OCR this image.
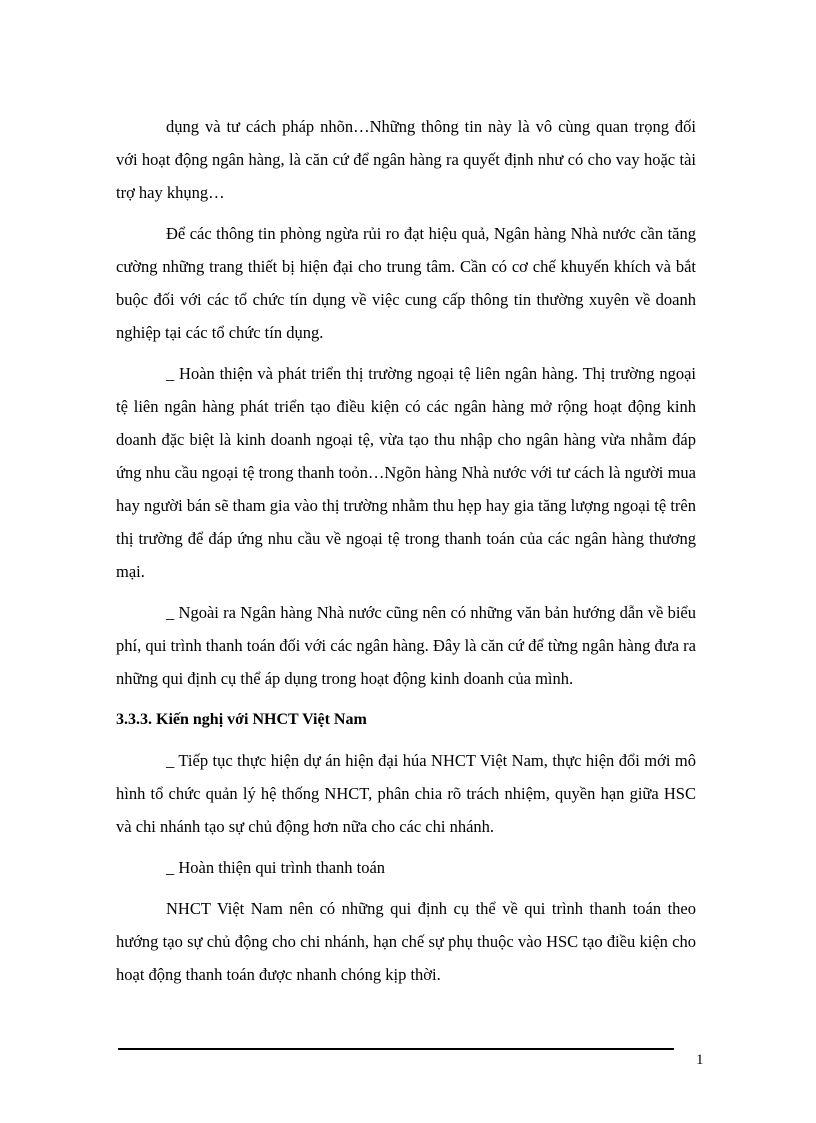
dụng và tư cách pháp nhõn…Những thông tin này là vô cùng quan trọng đối với hoạt động ngân hàng, là căn cứ để ngân hàng ra quyết định như có cho vay hoặc tài trợ hay khụng…

Để các thông tin phòng ngừa rủi ro đạt hiệu quả, Ngân hàng Nhà nước cần tăng cường những trang thiết bị hiện đại cho trung tâm. Cần có cơ chế khuyến khích và bắt buộc đối với các tổ chức tín dụng về việc cung cấp thông tin thường xuyên về doanh nghiệp tại các tổ chức tín dụng.

_ Hoàn thiện và phát triển thị trường ngoại tệ liên ngân hàng. Thị trường ngoại tệ liên ngân hàng phát triển tạo điều kiện có các ngân hàng mở rộng hoạt động kinh doanh đặc biệt là kinh doanh ngoại tệ, vừa tạo thu nhập cho ngân hàng vừa nhằm đáp ứng nhu cầu ngoại tệ trong thanh toỏn…Ngõn hàng Nhà nước với tư cách là người mua hay người bán sẽ tham gia vào thị trường nhằm thu hẹp hay gia tăng lượng ngoại tệ trên thị trường để đáp ứng nhu cầu về ngoại tệ trong thanh toán của các ngân hàng thương mại.

_ Ngoài ra Ngân hàng Nhà nước cũng nên có những văn bản hướng dẫn về biểu phí, qui trình thanh toán đối với các ngân hàng. Đây là căn cứ để từng ngân hàng đưa ra những qui định cụ thể áp dụng trong hoạt động kinh doanh của mình.

3.3.3. Kiến nghị với NHCT Việt Nam

_ Tiếp tục thực hiện dự án hiện đại húa NHCT Việt Nam, thực hiện đổi mới mô hình tổ chức quản lý hệ thống NHCT, phân chia rõ trách nhiệm, quyền hạn giữa HSC và chi nhánh tạo sự chủ động hơn nữa cho các chi nhánh.

_ Hoàn thiện qui trình thanh toán

NHCT Việt Nam nên có những qui định cụ thể về qui trình thanh toán theo hướng tạo sự chủ động cho chi nhánh, hạn chế sự phụ thuộc vào HSC tạo điều kiện cho hoạt động thanh toán được nhanh chóng kịp thời.

1
